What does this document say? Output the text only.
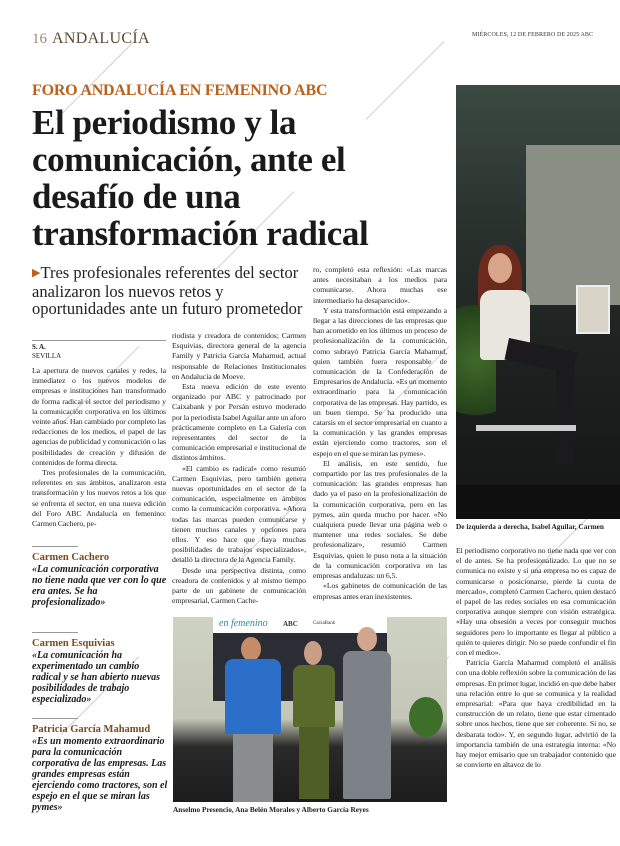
16 ANDALUCÍA	MIÉRCOLES, 12 DE FEBRERO DE 2025 ABC
FORO ANDALUCÍA EN FEMENINO ABC
El periodismo y la comunicación, ante el desafío de una transformación radical
▶Tres profesionales referentes del sector analizaron los nuevos retos y oportunidades ante un futuro prometedor
S. A.
SEVILLA

La apertura de nuevos canales y redes, la inmediatez o los nuevos modelos de empresas e instituciones han transformado de forma radical el sector del periodismo y la comunicación corporativa en los últimos veinte años. Han cambiado por completo las redacciones de los medios, el papel de las agencias de publicidad y comunicación o las posibilidades de creación y difusión de contenidos de forma directa.

Tres profesionales de la comunicación, referentes en sus ámbitos, analizaron esta transformación y los nuevos retos a los que se enfrenta el sector, en una nueva edición del Foro ABC Andalucía en femenino: Carmen Cachero, pe-

riodista y creadora de contenidos; Carmen Esquivias, directora general de la agencia Family y Patricia García Mahamud, actual responsable de Relaciones Institucionales en Andalucía de Moeve.

Esta nueva edición de este evento organizado por ABC y patrocinado por Caixabank y por Persán estuvo moderado por la periodista Isabel Aguilar ante un aforo prácticamente completo en La Galería con representantes del sector de la comunicación empresarial e institucional de distintos ámbitos.

«El cambio es radical» como resumió Carmen Esquivias, pero también genera nuevas oportunidades en el sector de la comunicación, especialmente en ámbitos como la comunicación corporativa. «Ahora todas las marcas pueden comunicarse y tienen muchos canales y opciones para ellos. Y eso hace que haya muchas posibilidades de trabajos especializados», detalló la directora de la Agencia Family.

Desde una perspectiva distinta, como creadora de contenidos y al mismo tiempo parte de un gabinete de comunicación empresarial, Carmen Cache-

ro, completó esta reflexión: «Las marcas antes necesitaban a los medios para comunicarse. Ahora muchas ese intermediario ha desaparecido».

Y esta transformación está empezando a llegar a las direcciones de las empresas que han acometido en los últimos un proceso de profesionalización de la comunicación, como subrayó Patricia García Mahamud, quien también fuera responsable de comunicación de la Confederación de Empresarios de Andalucía. «Es un momento extraordinario para la comunicación corporativa de las empresas. Hay partido, es un buen tiempo. Se ha producido una catarsis en el sector empresarial en cuanto a la comunicación y las grandes empresas están ejerciendo como tractores, son el espejo en el que se miran las pymes».

El análisis, en este sentido, fue compartido por las tres profesionales de la comunicación: las grandes empresas han dado ya el paso en la profesionalización de la comunicación corporativa, pero en las pymes, aún queda mucho por hacer. «No cualquiera puede llevar una página web o mantener una redes sociales. Se debe profesionalizar», resumió Carmen Esquivias, quien le puso nota a la situación de la comunicación corporativa en las empresas andaluzas: un 6,5.

«Los gabinetes de comunicación de las empresas antes eran inexistentes.

El periodismo corporativo no tiene nada que ver con el de antes. Se ha profesionalizado. Lo que no se comunica no existe y si una empresa no es capaz de comunicarse o posicionarse, pierde la cuota de mercado», completó Carmen Cachero, quien destacó el papel de las redes sociales en esa comunicación corporativa aunque siempre con visión estratégica. «Hay una obsesión a veces por conseguir muchos seguidores pero lo importante es llegar al público a quién te quieres dirigir. No se puede confundir el fin con el medio».

Patricia García Mahamud completó el análisis con una doble reflexión sobre la comunicación de las empresas. En primer lugar, incidió en que debe haber una relación entre lo que se comunica y la realidad empresarial: «Para que haya credibilidad en la construcción de un relato, tiene que estar cimentado sobre unos hechos, tiene que ser coherente. Si no, se desbarata todo». Y, en segundo lugar, advirtió de la importancia también de una estrategia interna: «No hay mejor emisario que un trabajador contenido que se convierte en altavoz de lo

Carmen Cachero
«La comunicación corporativa no tiene nada que ver con lo que era antes. Se ha profesionalizado»
Carmen Esquivias
«La comunicación ha experimentado un cambio radical y se han abierto nuevas posibilidades de trabajo especializado»
Patricia García Mahamud
«Es un momento extraordinario para la comunicación corporativa de las empresas. Las grandes empresas están ejerciendo como tractores, son el espejo en el que se miran las pymes»
De izquierda a derecha, Isabel Aguilar, Carmen
en femenino ABC	CaixaBank
Anselmo Presencio, Ana Belén Morales y Alberto García Reyes
